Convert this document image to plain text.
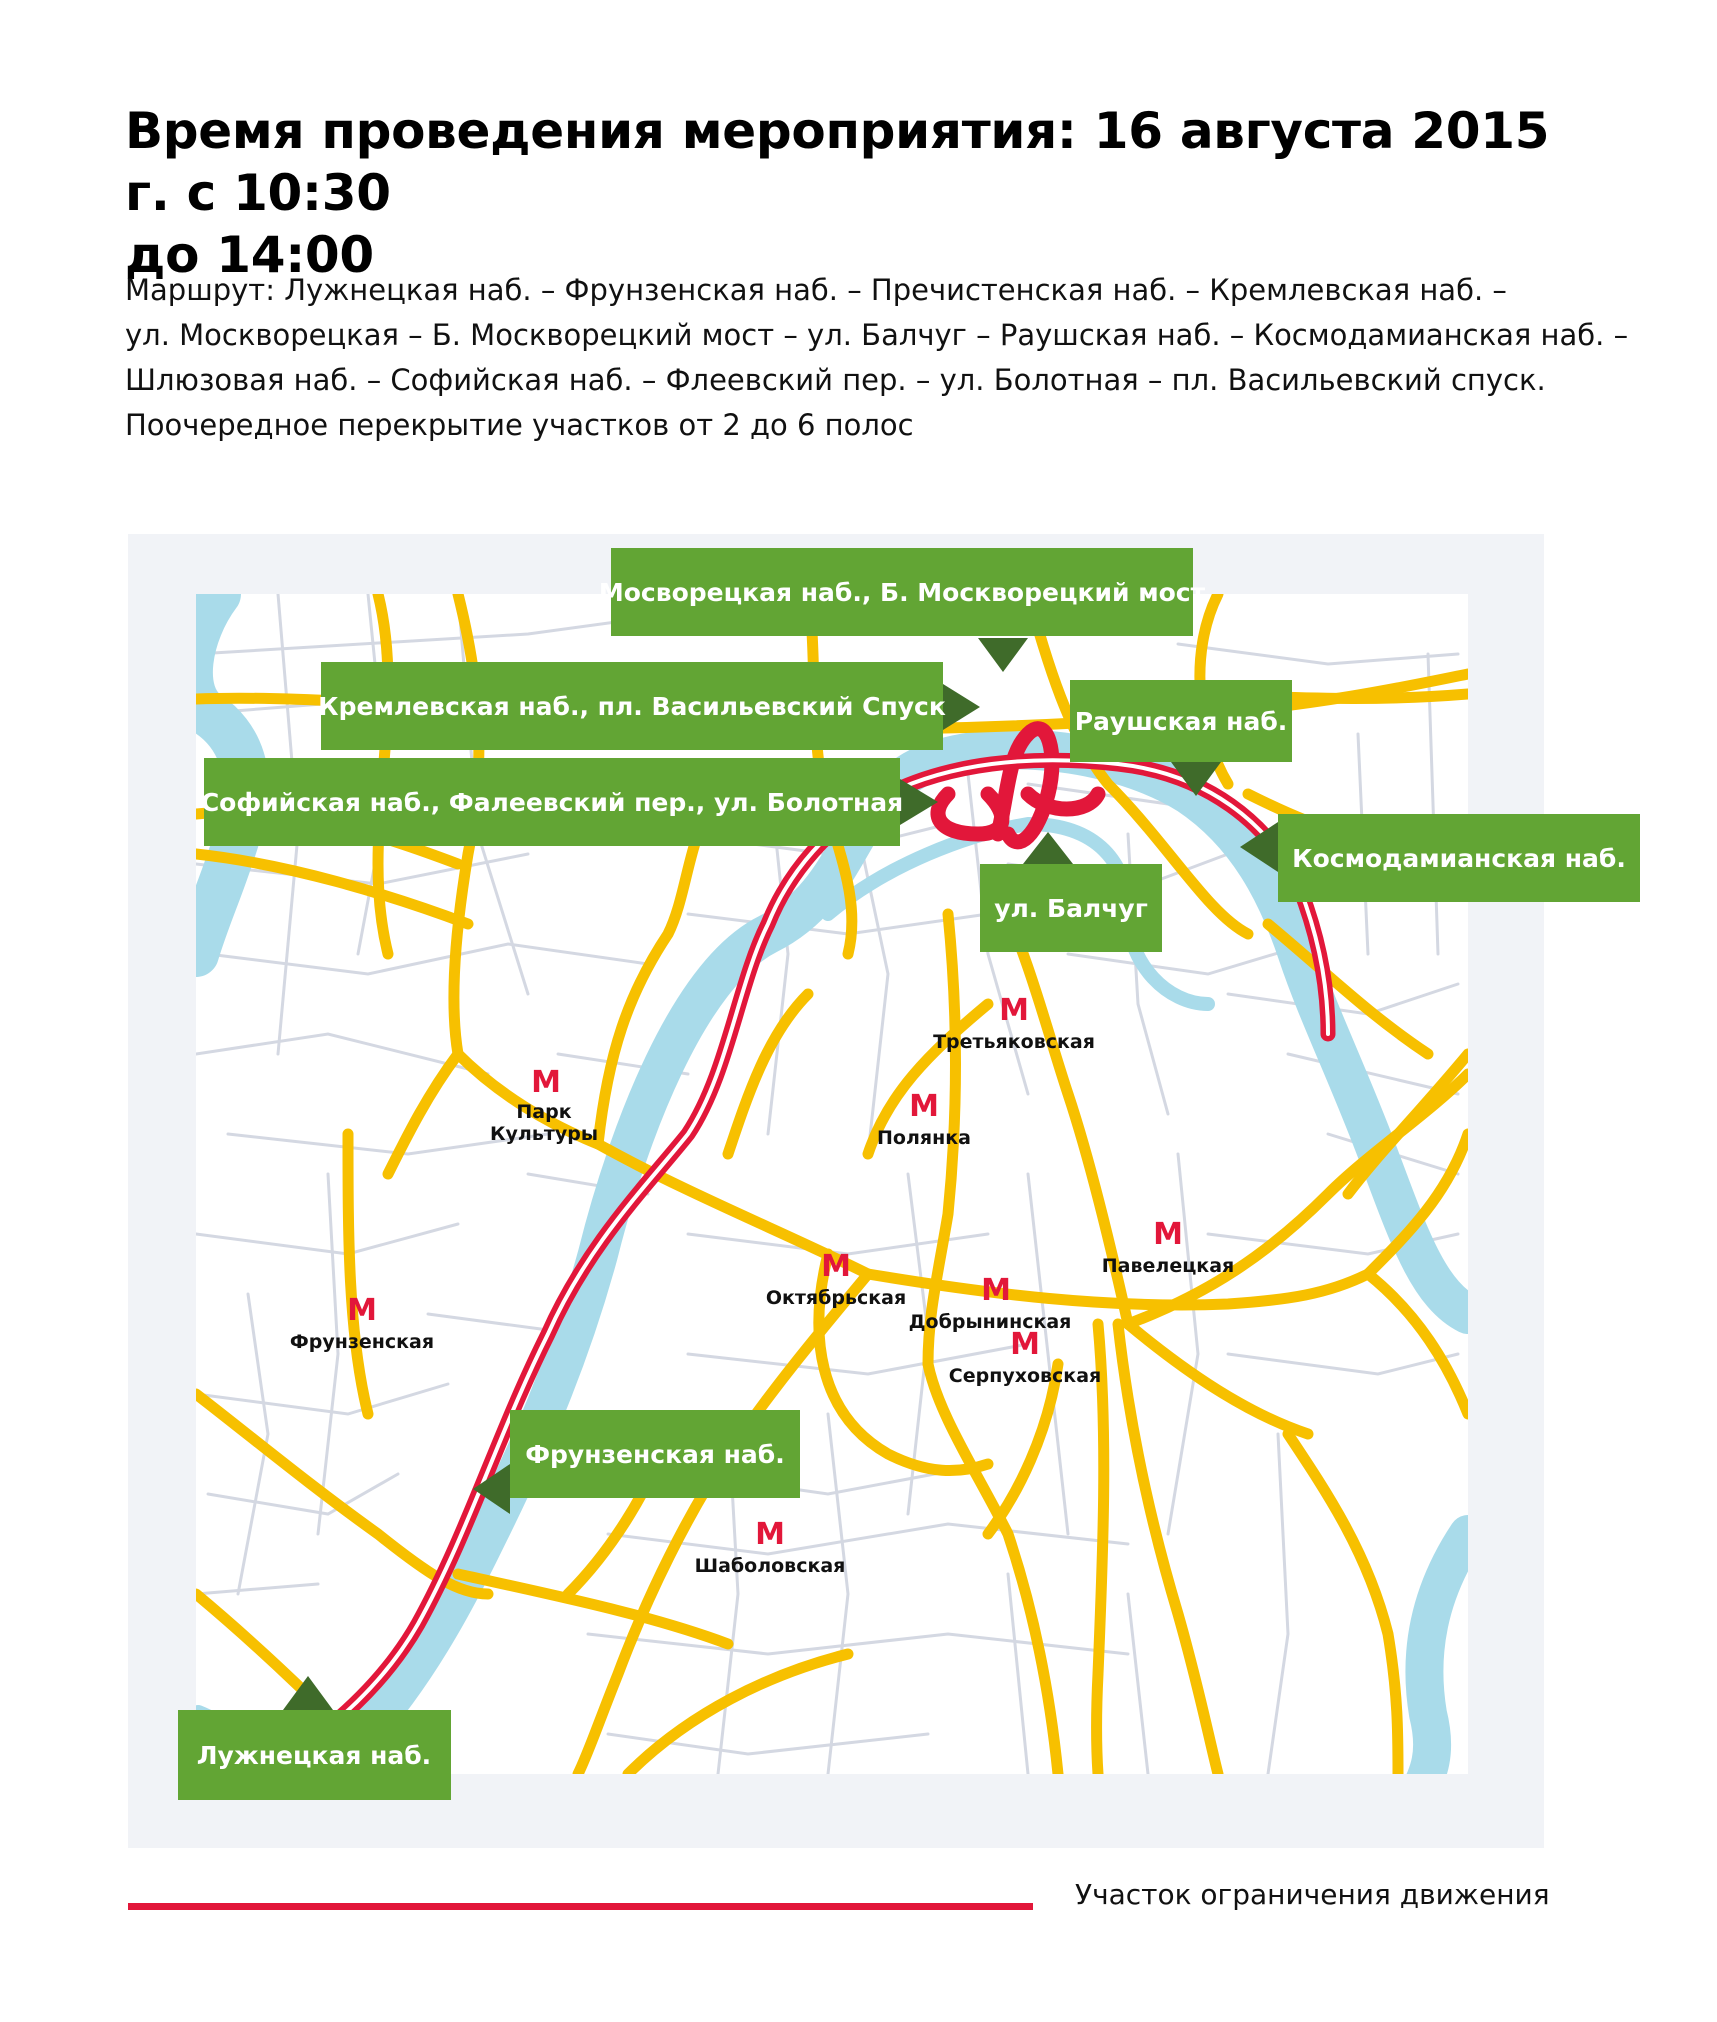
Время проведения мероприятия: 16 августа 2015 г. с 10:30
до 14:00
Маршрут: Лужнецкая наб. – Фрунзенская наб. – Пречистенская наб. – Кремлевская наб. –
ул. Москворецкая – Б. Москворецкий мост – ул. Балчуг – Раушская наб. – Космодамианская наб. –
Шлюзовая наб. – Софийская наб. – Флеевский пер. – ул. Болотная – пл. Васильевский спуск.
Поочередное перекрытие участков от 2 до 6 полос
Мосворецкая наб., Б. Москворецкий мост
Кремлевская наб., пл. Васильевский Спуск
Раушская наб.
Софийская наб., Фалеевский пер., ул. Болотная
Космодамианская наб.
ул. Балчуг
Фрунзенская наб.
Лужнецкая наб.
М
Третьяковская
М
Полянка
М
Парк
Культуры
М
Октябрьская М
Добрынинская
М
Павелецкая
М
Серпуховская
М
Фрунзенская
М
Шаболовская
Участок ограничения движения
